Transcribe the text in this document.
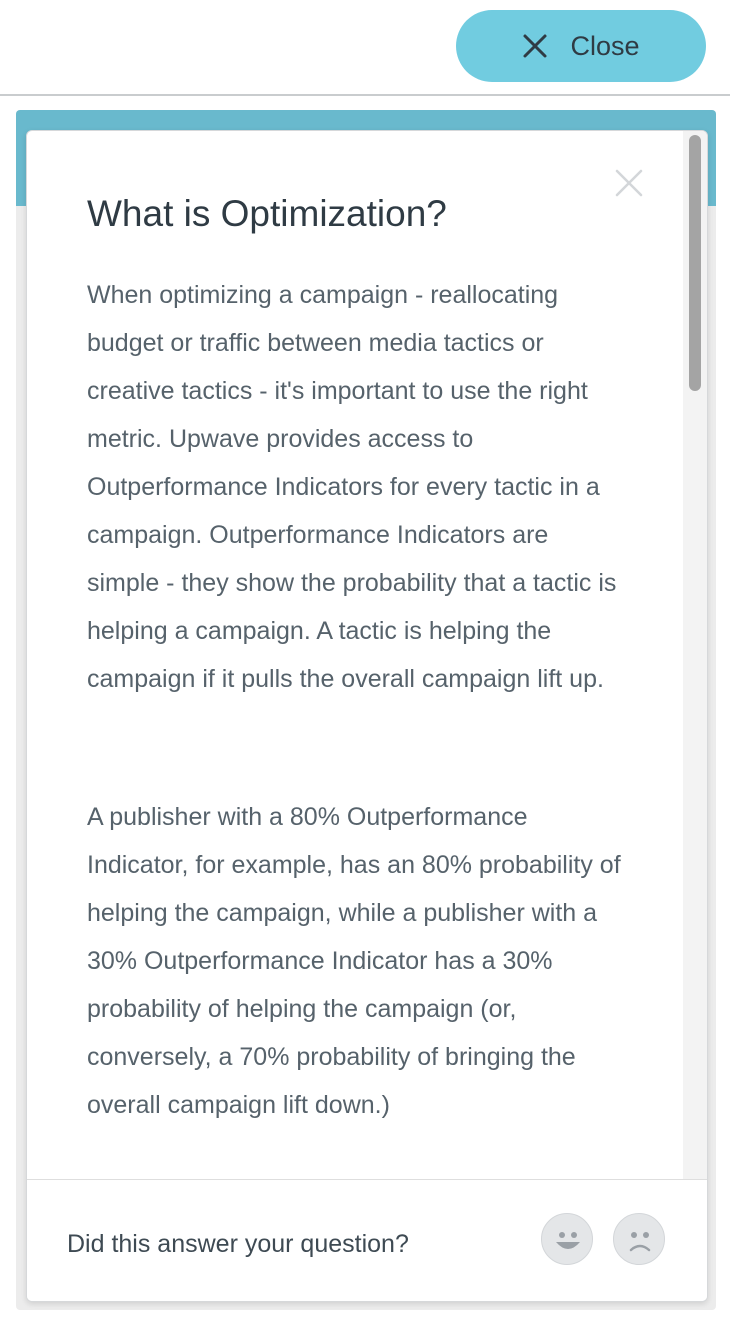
Close
What is Optimization?

When optimizing a campaign - reallocating budget or traffic between media tactics or creative tactics - it's important to use the right metric. Upwave provides access to Outperformance Indicators for every tactic in a campaign. Outperformance Indicators are simple - they show the probability that a tactic is helping a campaign. A tactic is helping the campaign if it pulls the overall campaign lift up.

A publisher with a 80% Outperformance Indicator, for example, has an 80% probability of helping the campaign, while a publisher with a 30% Outperformance Indicator has a 30% probability of helping the campaign (or, conversely, a 70% probability of bringing the overall campaign lift down.)

Did this answer your question?
